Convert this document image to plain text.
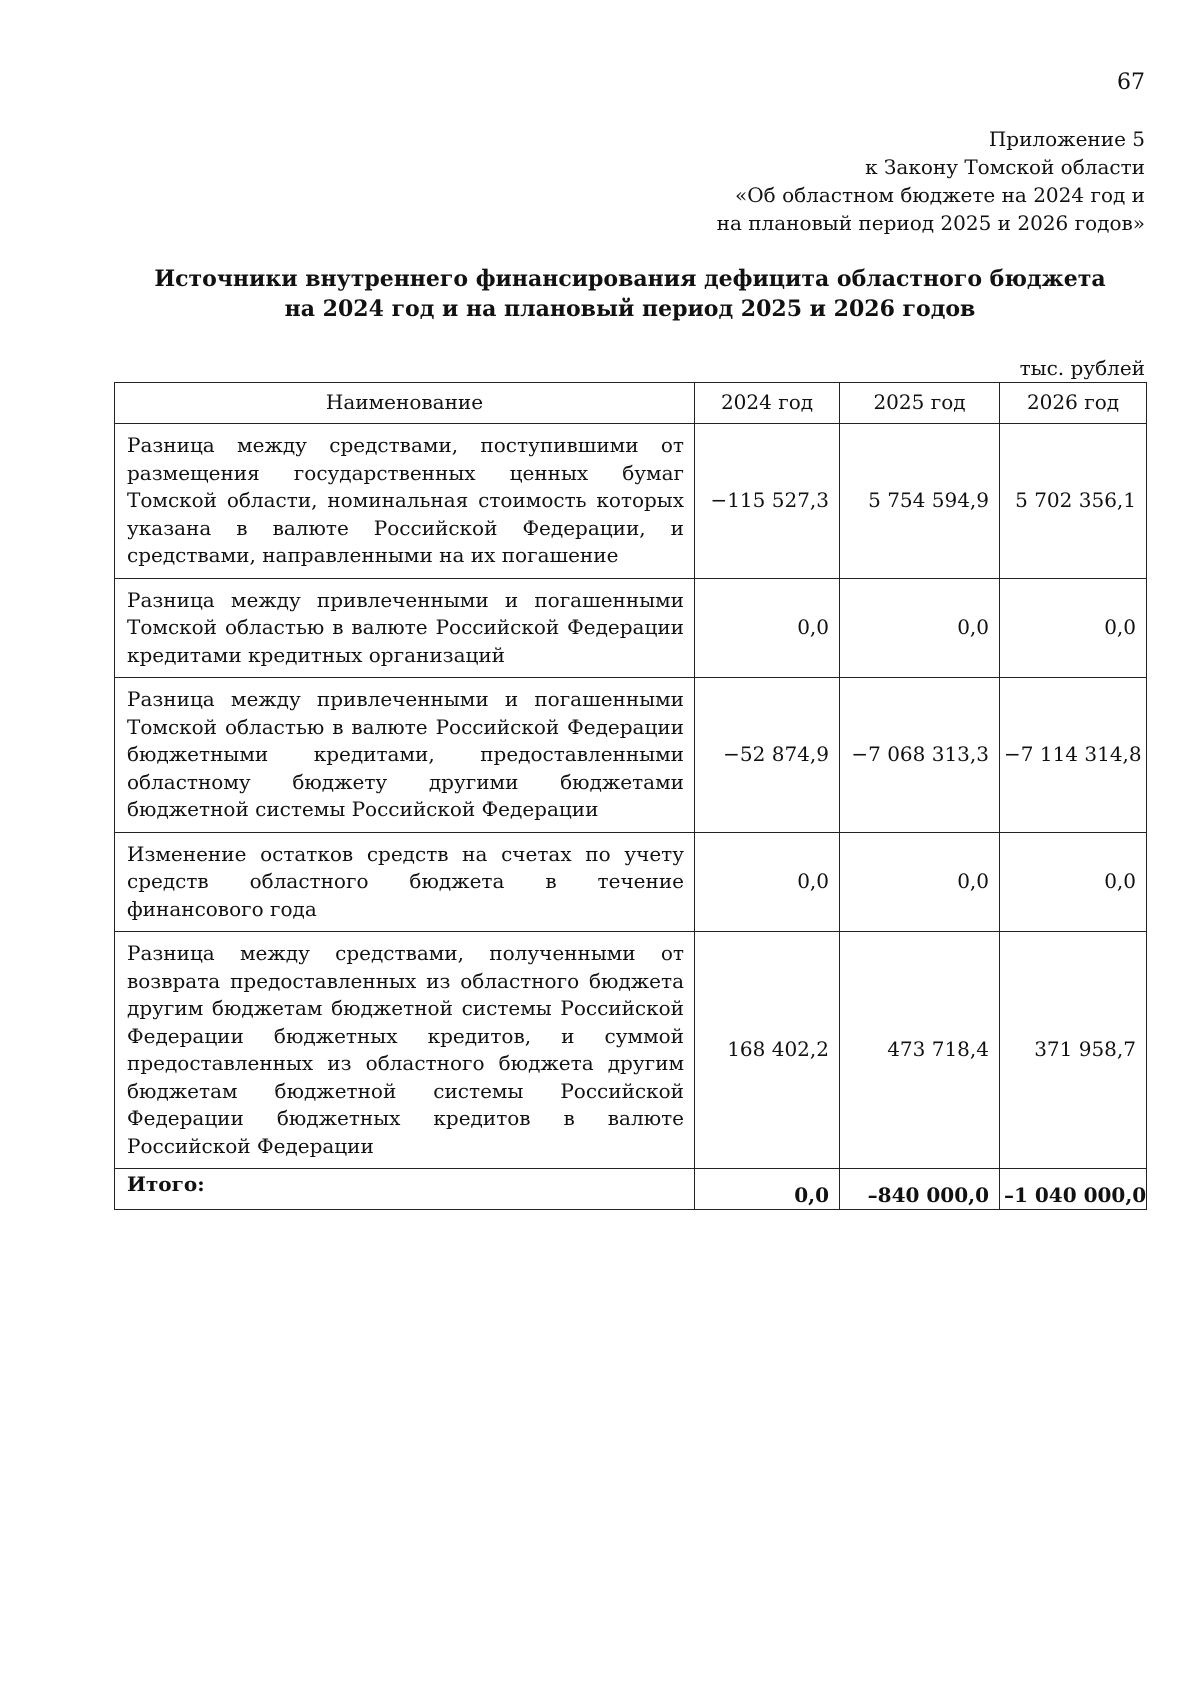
67
Приложение 5
к Закону Томской области
«Об областном бюджете на 2024 год и
на плановый период 2025 и 2026 годов»
Источники внутреннего финансирования дефицита областного бюджета
на 2024 год и на плановый период 2025 и 2026 годов
тыс. рублей
Наименование	2024 год	2025 год	2026 год
Разница между средствами, поступившими от размещения государственных ценных бумаг Томской области, номинальная стоимость которых указана в валюте Российской Федерации, и средствами, направленными на их погашение	−115 527,3	5 754 594,9	5 702 356,1
Разница между привлеченными и погашенными Томской областью в валюте Российской Федерации кредитами кредитных организаций	0,0	0,0	0,0
Разница между привлеченными и погашенными Томской областью в валюте Российской Федерации бюджетными кредитами, предоставленными областному бюджету другими бюджетами бюджетной системы Российской Федерации	−52 874,9	−7 068 313,3	−7 114 314,8
Изменение остатков средств на счетах по учету средств областного бюджета в течение финансового года	0,0	0,0	0,0
Разница между средствами, полученными от возврата предоставленных из областного бюджета другим бюджетам бюджетной системы Российской Федерации бюджетных кредитов, и суммой предоставленных из областного бюджета другим бюджетам бюджетной системы Российской Федерации бюджетных кредитов в валюте Российской Федерации	168 402,2	473 718,4	371 958,7
Итого:	0,0	–840 000,0	–1 040 000,0
